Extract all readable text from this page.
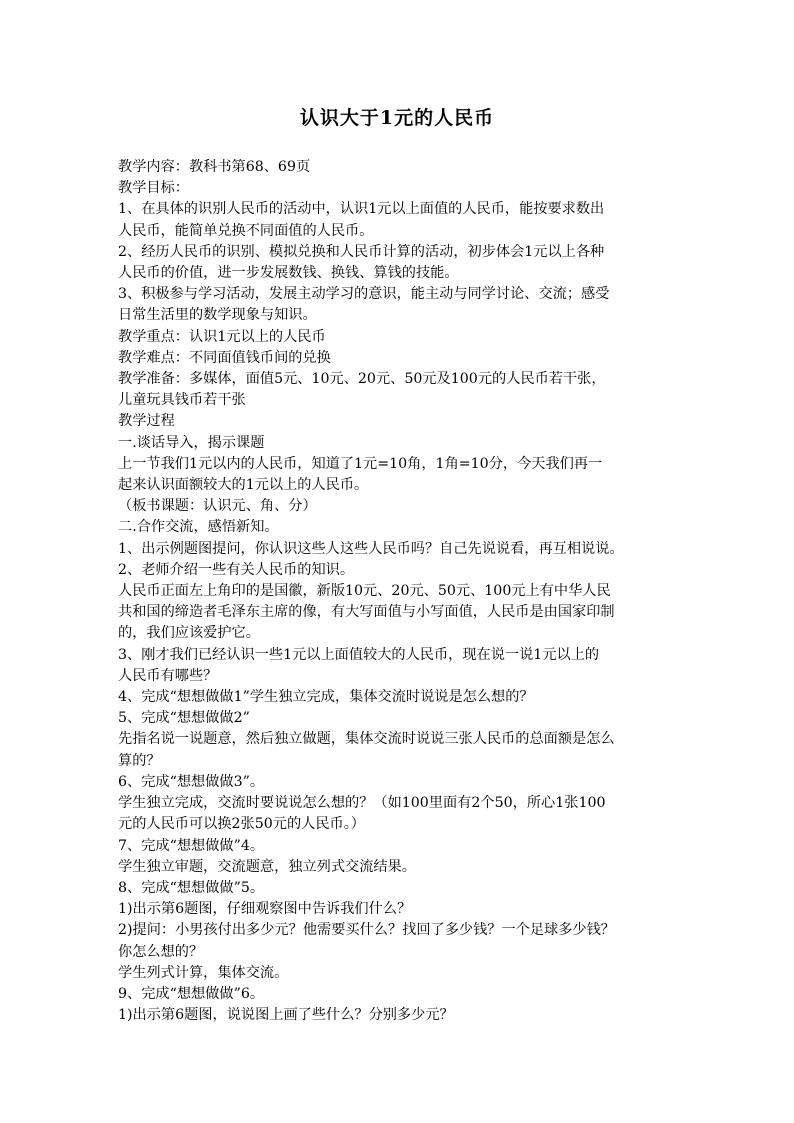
认识大于1元的人民币
教学内容：教科书第68、69页
教学目标：
1、在具体的识别人民币的活动中，认识1元以上面值的人民币，能按要求数出
人民币，能简单兑换不同面值的人民币。
2、经历人民币的识别、模拟兑换和人民币计算的活动，初步体会1元以上各种
人民币的价值，进一步发展数钱、换钱、算钱的技能。
3、积极参与学习活动，发展主动学习的意识，能主动与同学讨论、交流；感受
日常生活里的数学现象与知识。
教学重点：认识1元以上的人民币
教学难点：不同面值钱币间的兑换
教学准备：多媒体，面值5元、10元、20元、50元及100元的人民币若干张，
儿童玩具钱币若干张
教学过程
一.谈话导入，揭示课题
上一节我们1元以内的人民币，知道了1元=10角，1角=10分，今天我们再一
起来认识面额较大的1元以上的人民币。
（板书课题：认识元、角、分）
二.合作交流，感悟新知。
1、出示例题图提问，你认识这些人这些人民币吗？自己先说说看，再互相说说。
2、老师介绍一些有关人民币的知识。
人民币正面左上角印的是国徽，新版10元、20元、50元、100元上有中华人民
共和国的缔造者毛泽东主席的像，有大写面值与小写面值，人民币是由国家印制
的，我们应该爱护它。
3、刚才我们已经认识一些1元以上面值较大的人民币，现在说一说1元以上的
人民币有哪些？
4、完成“想想做做1”学生独立完成，集体交流时说说是怎么想的？
5、完成“想想做做2”
先指名说一说题意，然后独立做题，集体交流时说说三张人民币的总面额是怎么
算的？
6、完成“想想做做3”。
学生独立完成，交流时要说说怎么想的？（如100里面有2个50，所心1张100
元的人民币可以换2张50元的人民币。）
7、完成“想想做做”4。
学生独立审题，交流题意，独立列式交流结果。
8、完成“想想做做”5。
1)出示第6题图，仔细观察图中告诉我们什么？
2)提问：小男孩付出多少元？他需要买什么？找回了多少钱？一个足球多少钱？
你怎么想的？
学生列式计算，集体交流。
9、完成“想想做做”6。
1)出示第6题图，说说图上画了些什么？分别多少元？
